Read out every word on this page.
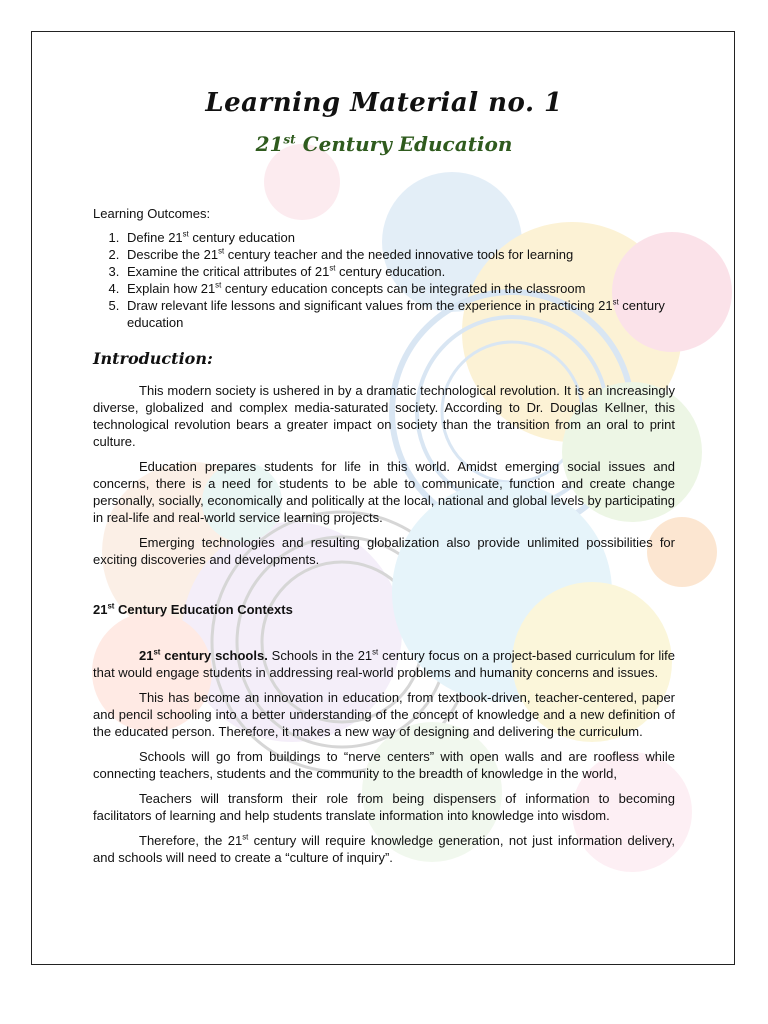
Learning Material no. 1
21st Century Education
Learning Outcomes:
1. Define 21st century education
2. Describe the 21st century teacher and the needed innovative tools for learning
3. Examine the critical attributes of 21st century education.
4. Explain how 21st century education concepts can be integrated in the classroom
5. Draw relevant life lessons and significant values from the experience in practicing 21st century education
Introduction:

This modern society is ushered in by a dramatic technological revolution. It is an increasingly diverse, globalized and complex media-saturated society. According to Dr. Douglas Kellner, this technological revolution bears a greater impact on society than the transition from an oral to print culture.

Education prepares students for life in this world. Amidst emerging social issues and concerns, there is a need for students to be able to communicate, function and create change personally, socially, economically and politically at the local, national and global levels by participating in real-life and real-world service learning projects.

Emerging technologies and resulting globalization also provide unlimited possibilities for exciting discoveries and developments.

21st Century Education Contexts

21st century schools. Schools in the 21st century focus on a project-based curriculum for life that would engage students in addressing real-world problems and humanity concerns and issues.

This has become an innovation in education, from textbook-driven, teacher-centered, paper and pencil schooling into a better understanding of the concept of knowledge and a new definition of the educated person. Therefore, it makes a new way of designing and delivering the curriculum.

Schools will go from buildings to “nerve centers” with open walls and are roofless while connecting teachers, students and the community to the breadth of knowledge in the world,

Teachers will transform their role from being dispensers of information to becoming facilitators of learning and help students translate information into knowledge into wisdom.

Therefore, the 21st century will require knowledge generation, not just information delivery, and schools will need to create a “culture of inquiry”.
